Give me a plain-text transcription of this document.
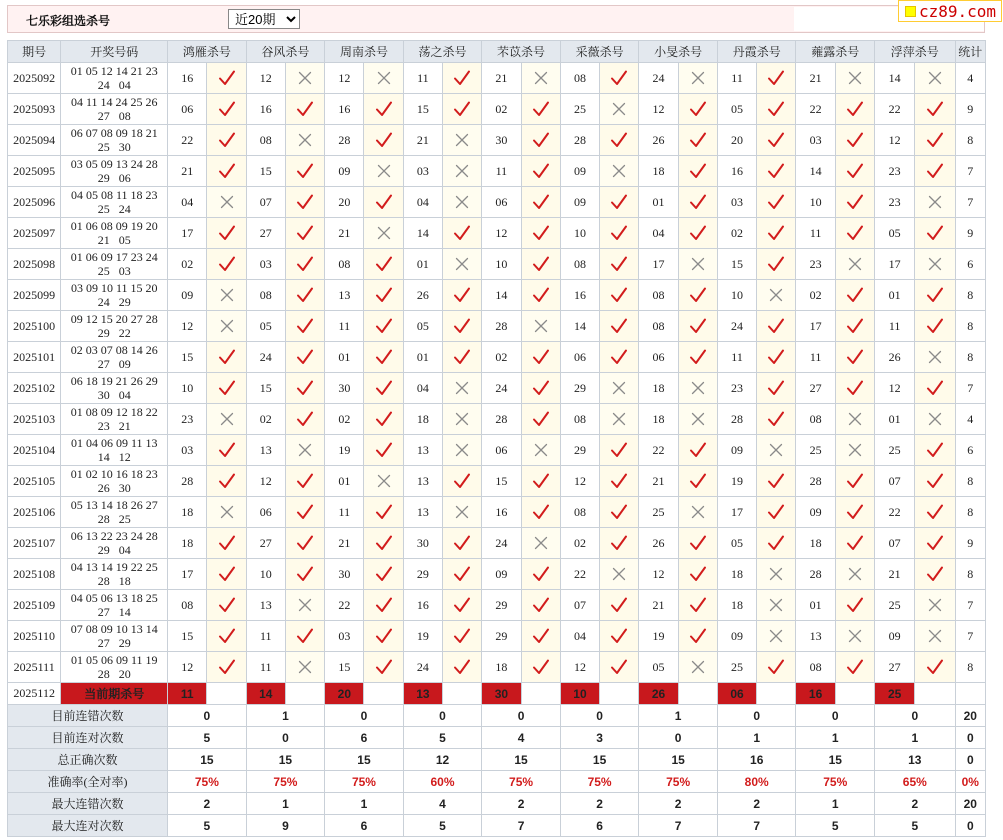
七乐彩组选杀号
近20期	cz89.com
期号	开奖号码	鸿雁杀号		谷风杀号		周南杀号		荡之杀号		芣苡杀号		采薇杀号		小旻杀号		丹霞杀号		蕹露杀号		浮萍杀号		统计
2025092	01 05 12 14 21 23
24   04	16		12		12		11		21		08		24		11		21		14		4
2025093	04 11 14 24 25 26
27   08	06		16		16		15		02		25		12		05		22		22		9
2025094	06 07 08 09 18 21
25   30	22		08		28		21		30		28		26		20		03		12		8
2025095	03 05 09 13 24 28
29   06	21		15		09		03		11		09		18		16		14		23		7
2025096	04 05 08 11 18 23
25   24	04		07		20		04		06		09		01		03		10		23		7
2025097	01 06 08 09 19 20
21   05	17		27		21		14		12		10		04		02		11		05		9
2025098	01 06 09 17 23 24
25   03	02		03		08		01		10		08		17		15		23		17		6
2025099	03 09 10 11 15 20
24   29	09		08		13		26		14		16		08		10		02		01		8
2025100	09 12 15 20 27 28
29   22	12		05		11		05		28		14		08		24		17		11		8
2025101	02 03 07 08 14 26
27   09	15		24		01		01		02		06		06		11		11		26		8
2025102	06 18 19 21 26 29
30   04	10		15		30		04		24		29		18		23		27		12		7
2025103	01 08 09 12 18 22
23   21	23		02		02		18		28		08		18		28		08		01		4
2025104	01 04 06 09 11 13
14   12	03		13		19		13		06		29		22		09		25		25		6
2025105	01 02 10 16 18 23
26   30	28		12		01		13		15		12		21		19		28		07		8
2025106	05 13 14 18 26 27
28   25	18		06		11		13		16		08		25		17		09		22		8
2025107	06 13 22 23 24 28
29   04	18		27		21		30		24		02		26		05		18		07		9
2025108	04 13 14 19 22 25
28   18	17		10		30		29		09		22		12		18		28		21		8
2025109	04 05 06 13 18 25
27   14	08		13		22		16		29		07		21		18		01		25		7
2025110	07 08 09 10 13 14
27   29	15		11		03		19		29		04		19		09		13		09		7
2025111	01 05 06 09 11 19
28   20	12		11		15		24		18		12		05		25		08		27		8
2025112	当前期杀号	11		14		20		13		30		10		26		06		16		25		
目前连错次数		0		1		0		0		0		0		1		0		0		0		20
目前连对次数		5		0		6		5		4		3		0		1		1		1		0
总正确次数		15		15		15		12		15		15		15		16		15		13		0
准确率(全对率)		75%		75%		75%		60%		75%		75%		75%		80%		75%		65%		0%
最大连错次数		2		1		1		4		2		2		2		2		1		2		20
最大连对次数		5		9		6		5		7		6		7		7		5		5		0
